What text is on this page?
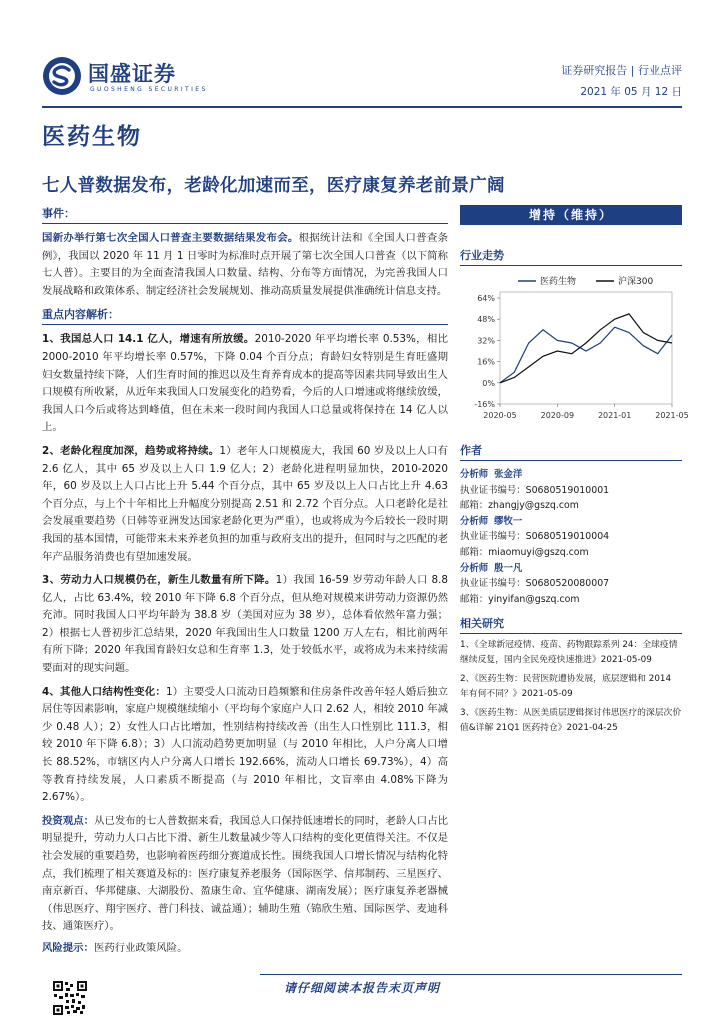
国盛证券
GUOSHENG SECURITIES
证券研究报告 | 行业点评
2021 年 05 月 12 日
医药生物
七人普数据发布，老龄化加速而至，医疗康复养老前景广阔
事件：

国新办举行第七次全国人口普查主要数据结果发布会。根据统计法和《全国人口普查条例》，我国以 2020 年 11 月 1 日零时为标准时点开展了第七次全国人口普查（以下简称七人普）。主要目的为全面查清我国人口数量、结构、分布等方面情况，为完善我国人口发展战略和政策体系、制定经济社会发展规划、推动高质量发展提供准确统计信息支持。

重点内容解析：

1、我国总人口 14.1 亿人，增速有所放缓。2010-2020 年平均增长率 0.53%，相比 2000-2010 年平均增长率 0.57%，下降 0.04 个百分点；育龄妇女特别是生育旺盛期妇女数量持续下降，人们生育时间的推迟以及生育养育成本的提高等因素共同导致出生人口规模有所收紧，从近年来我国人口发展变化的趋势看，今后的人口增速或将继续放缓，我国人口今后或将达到峰值，但在未来一段时间内我国人口总量或将保持在 14 亿人以上。

2、老龄化程度加深，趋势或将持续。1）老年人口规模庞大，我国 60 岁及以上人口有 2.6 亿人，其中 65 岁及以上人口 1.9 亿人；2）老龄化进程明显加快，2010-2020 年，60 岁及以上人口占比上升 5.44 个百分点，其中 65 岁及以上人口占比上升 4.63 个百分点，与上个十年相比上升幅度分别提高 2.51 和 2.72 个百分点。人口老龄化是社会发展重要趋势（日韩等亚洲发达国家老龄化更为严重），也或将成为今后较长一段时期我国的基本国情，可能带来未来养老负担的加重与政府支出的提升，但同时与之匹配的老年产品服务消费也有望加速发展。

3、劳动力人口规模仍在，新生儿数量有所下降。1）我国 16-59 岁劳动年龄人口 8.8 亿人，占比 63.4%，较 2010 年下降 6.8 个百分点，但从绝对规模来讲劳动力资源仍然充沛。同时我国人口平均年龄为 38.8 岁（美国对应为 38 岁），总体看依然年富力强；2）根据七人普初步汇总结果，2020 年我国出生人口数量 1200 万人左右，相比前两年有所下降；2020 年我国育龄妇女总和生育率 1.3，处于较低水平，或将成为未来持续需要面对的现实问题。

4、其他人口结构性变化：1）主要受人口流动日趋频繁和住房条件改善年轻人婚后独立居住等因素影响，家庭户规模继续缩小（平均每个家庭户人口 2.62 人，相较 2010 年减少 0.48 人）；2）女性人口占比增加，性别结构持续改善（出生人口性别比 111.3，相较 2010 年下降 6.8）；3）人口流动趋势更加明显（与 2010 年相比，人户分离人口增长 88.52%，市辖区内人户分离人口增长 192.66%，流动人口增长 69.73%），4）高等教育持续发展，人口素质不断提高（与 2010 年相比，文盲率由 4.08%下降为 2.67%）。

投资观点：从已发布的七人普数据来看，我国总人口保持低速增长的同时，老龄人口占比明显提升，劳动力人口占比下滑、新生儿数量减少等人口结构的变化更值得关注。不仅是社会发展的重要趋势，也影响着医药细分赛道成长性。围绕我国人口增长情况与结构化特点，我们梳理了相关赛道及标的：医疗康复养老服务（国际医学、信邦制药、三星医疗、南京新百、华邦健康、大湖股份、盈康生命、宜华健康、湖南发展）；医疗康复养老器械（伟思医疗、翔宇医疗、普门科技、诚益通）；辅助生殖（锦欣生殖、国际医学、麦迪科技、通策医疗）。

风险提示：医药行业政策风险。

增持（维持）
行业走势
64%
48%
32%
16%
0%
-16%
2020-05	2020-09	2021-01	2021-05
医药生物	沪深300
作者
分析师 张金洋
执业证书编号：S0680519010001
邮箱：zhangjy@gszq.com
分析师 缪牧一
执业证书编号：S0680519010004
邮箱：miaomuyi@gszq.com
分析师 殷一凡
执业证书编号：S0680520080007
邮箱：yinyifan@gszq.com
相关研究
1、《全球新冠疫情、疫苗、药物跟踪系列 24：全球疫情继续反复，国内全民免疫快速推进》2021-05-09
2、《医药生物：民营医院遭协发展，底层逻辑和 2014 年有何不同？》2021-05-09
3、《医药生物：从医美质层逻辑探讨伟思医疗的深层次价值&详解 21Q1 医药持仓》2021-04-25
请仔细阅读本报告末页声明
